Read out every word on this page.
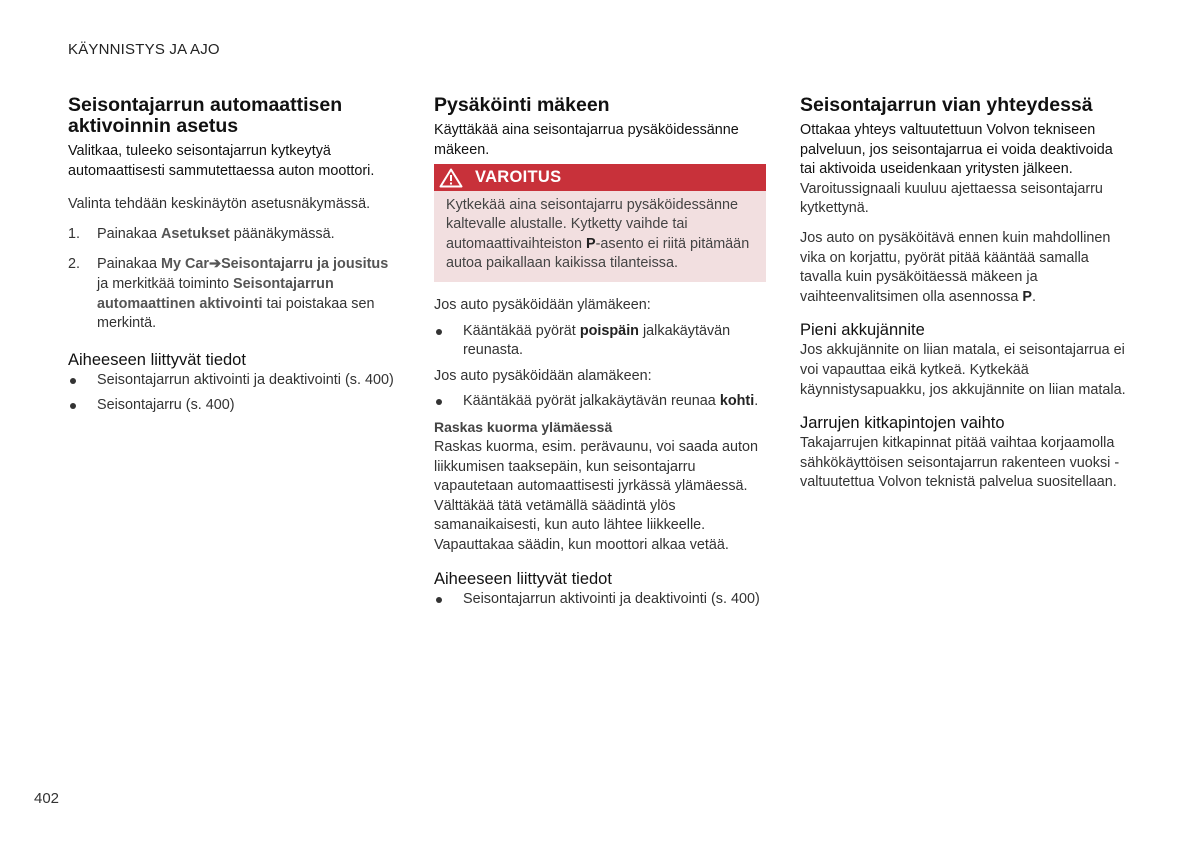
KÄYNNISTYS JA AJO
Seisontajarrun automaattisen aktivoinnin asetus

Valitkaa, tuleeko seisontajarrun kytkeytyä automaattisesti sammutettaessa auton moottori.

Valinta tehdään keskinäytön asetusnäkymässä.

1. Painakaa Asetukset päänäkymässä.
2. Painakaa My Car➔Seisontajarru ja jousitus ja merkitkää toiminto Seisontajarrun automaattinen aktivointi tai poistakaa sen merkintä.
Aiheeseen liittyvät tiedot
Seisontajarrun aktivointi ja deaktivointi (s. 400)
Seisontajarru (s. 400)
Pysäköinti mäkeen

Käyttäkää aina seisontajarrua pysäköidessänne mäkeen.

VAROITUS
Kytkekää aina seisontajarru pysäköidessänne kaltevalle alustalle. Kytketty vaihde tai automaattivaihteiston P-asento ei riitä pitämään autoa paikallaan kaikissa tilanteissa.

Jos auto pysäköidään ylämäkeen:

Kääntäkää pyörät poispäin jalkakäytävän reunasta.

Jos auto pysäköidään alamäkeen:

Kääntäkää pyörät jalkakäytävän reunaa kohti.
Raskas kuorma ylämäessä

Raskas kuorma, esim. perävaunu, voi saada auton liikkumisen taaksepäin, kun seisontajarru vapautetaan automaattisesti jyrkässä ylämäessä. Välttäkää tätä vetämällä säädintä ylös samanaikaisesti, kun auto lähtee liikkeelle. Vapauttakaa säädin, kun moottori alkaa vetää.

Aiheeseen liittyvät tiedot
Seisontajarrun aktivointi ja deaktivointi (s. 400)
Seisontajarrun vian yhteydessä

Ottakaa yhteys valtuutettuun Volvon tekniseen palveluun, jos seisontajarrua ei voida deaktivoida tai aktivoida useidenkaan yritysten jälkeen.

Varoitussignaali kuuluu ajettaessa seisontajarru kytkettynä.

Jos auto on pysäköitävä ennen kuin mahdollinen vika on korjattu, pyörät pitää kääntää samalla tavalla kuin pysäköitäessä mäkeen ja vaihteenvalitsimen olla asennossa P.

Pieni akkujännite

Jos akkujännite on liian matala, ei seisontajarrua ei voi vapauttaa eikä kytkeä. Kytkekää käynnistysapuakku, jos akkujännite on liian matala.

Jarrujen kitkapintojen vaihto

Takajarrujen kitkapinnat pitää vaihtaa korjaamolla sähkökäyttöisen seisontajarrun rakenteen vuoksi - valtuutettua Volvon teknistä palvelua suositellaan.

402
